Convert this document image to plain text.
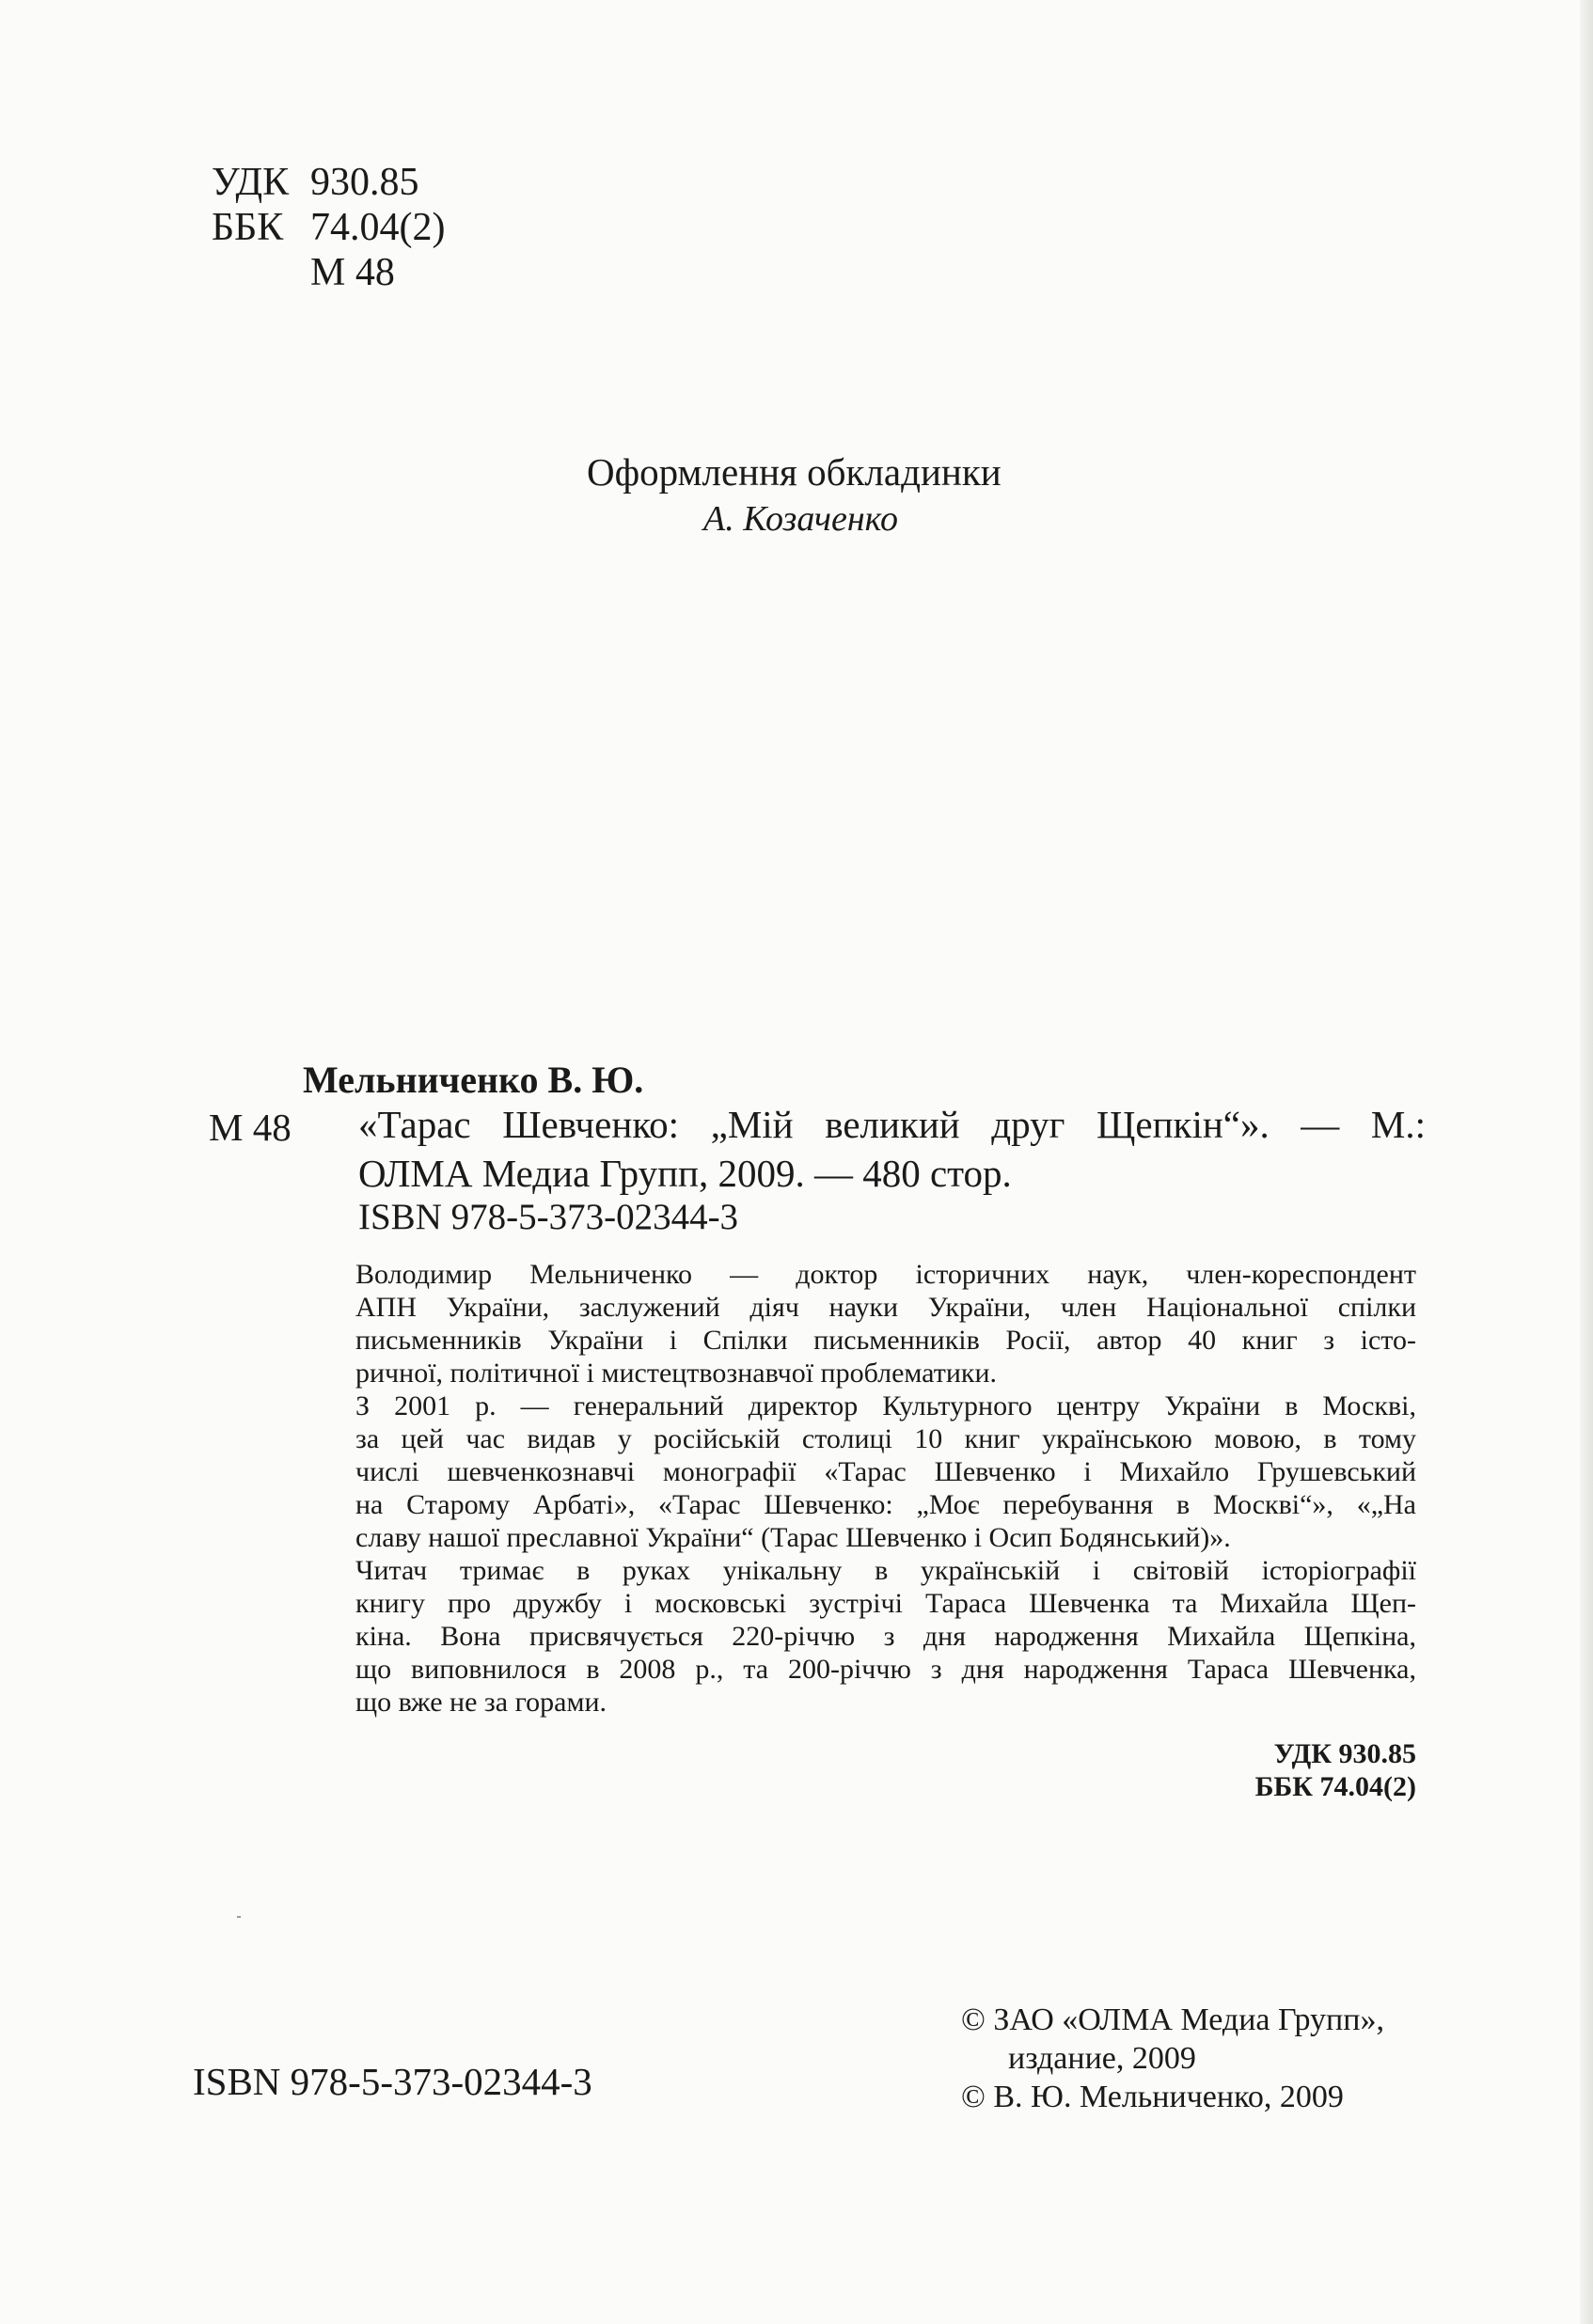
УДК 930.85
ББК 74.04(2)
М 48
Оформлення обкладинки
А. Козаченко
Мельниченко В. Ю.
М 48 «Тарас Шевченко: „Мій великий друг Щепкін“». — М.:
ОЛМА Медиа Групп, 2009. — 480 стор.
ISBN 978-5-373-02344-3

Володимир Мельниченко — доктор історичних наук, член-кореспондент
АПН України, заслужений діяч науки України, член Національної спілки
письменників України і Спілки письменників Росії, автор 40 книг з істо-
ричної, політичної і мистецтвознавчої проблематики.

З 2001 р. — генеральний директор Культурного центру України в Москві,
за цей час видав у російській столиці 10 книг українською мовою, в тому
числі шевченкознавчі монографії «Тарас Шевченко і Михайло Грушевський
на Старому Арбаті», «Тарас Шевченко: „Моє перебування в Москві“», «„На
славу нашої преславної України“ (Тарас Шевченко і Осип Бодянський)».

Читач тримає в руках унікальну в українській і світовій історіографії
книгу про дружбу і московські зустрічі Тараса Шевченка та Михайла Щеп-
кіна. Вона присвячується 220-річчю з дня народження Михайла Щепкіна,
що виповнилося в 2008 р., та 200-річчю з дня народження Тараса Шевченка,
що вже не за горами.

УДК 930.85
ББК 74.04(2)
ISBN 978-5-373-02344-3
© ЗАО «ОЛМА Медиа Групп»,
издание, 2009
© В. Ю. Мельниченко, 2009
